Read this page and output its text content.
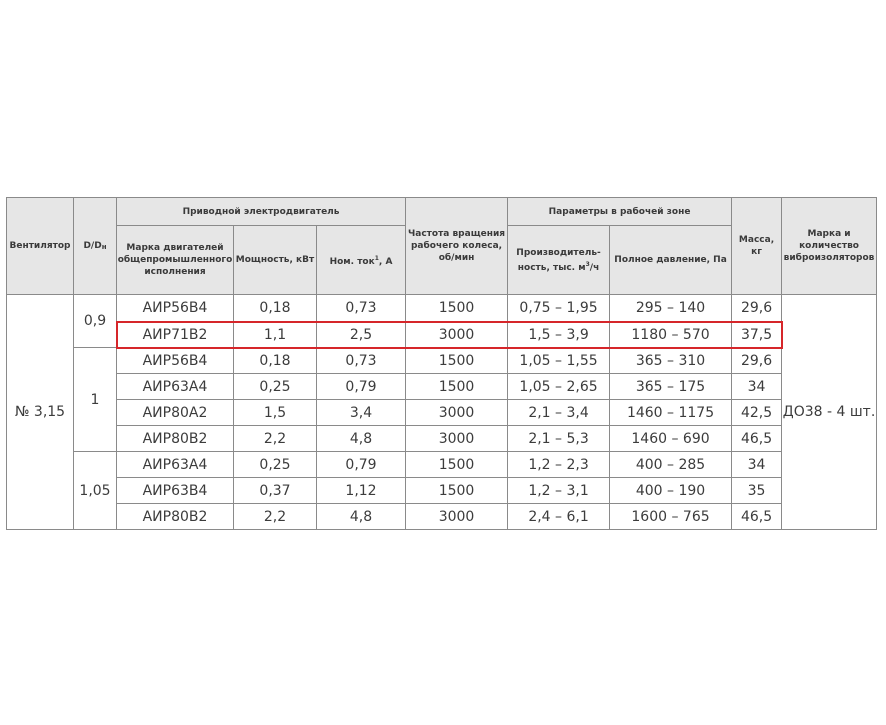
Вентилятор	D/Dн	Приводной электродвигатель			Частота вращения рабочего колеса, об/мин	Параметры в рабочей зоне		Масса, кг	Марка и количество виброизоляторов
		Марка двигателей общепромышленного исполнения	Мощность, кВт	Ном. ток$^1$, А		Производитель-ность, тыс. $м^3/ч$	Полное давление, Па		
№ 3,15	0,9	АИР56В4	0,18	0,73	1500	0,75 – 1,95	295 – 140	29,6	ДО38 - 4 шт.
		АИР71В2	1,1	2,5	3000	1,5 – 3,9	1180 – 570	37,5	
	1	АИР56В4	0,18	0,73	1500	1,05 – 1,55	365 – 310	29,6	
		АИР63А4	0,25	0,79	1500	1,05 – 2,65	365 – 175	34	
		АИР80А2	1,5	3,4	3000	2,1 – 3,4	1460 – 1175	42,5	
		АИР80В2	2,2	4,8	3000	2,1 – 5,3	1460 – 690	46,5	
	1,05	АИР63А4	0,25	0,79	1500	1,2 – 2,3	400 – 285	34	
		АИР63В4	0,37	1,12	1500	1,2 – 3,1	400 – 190	35	
		АИР80В2	2,2	4,8	3000	2,4 – 6,1	1600 – 765	46,5	
